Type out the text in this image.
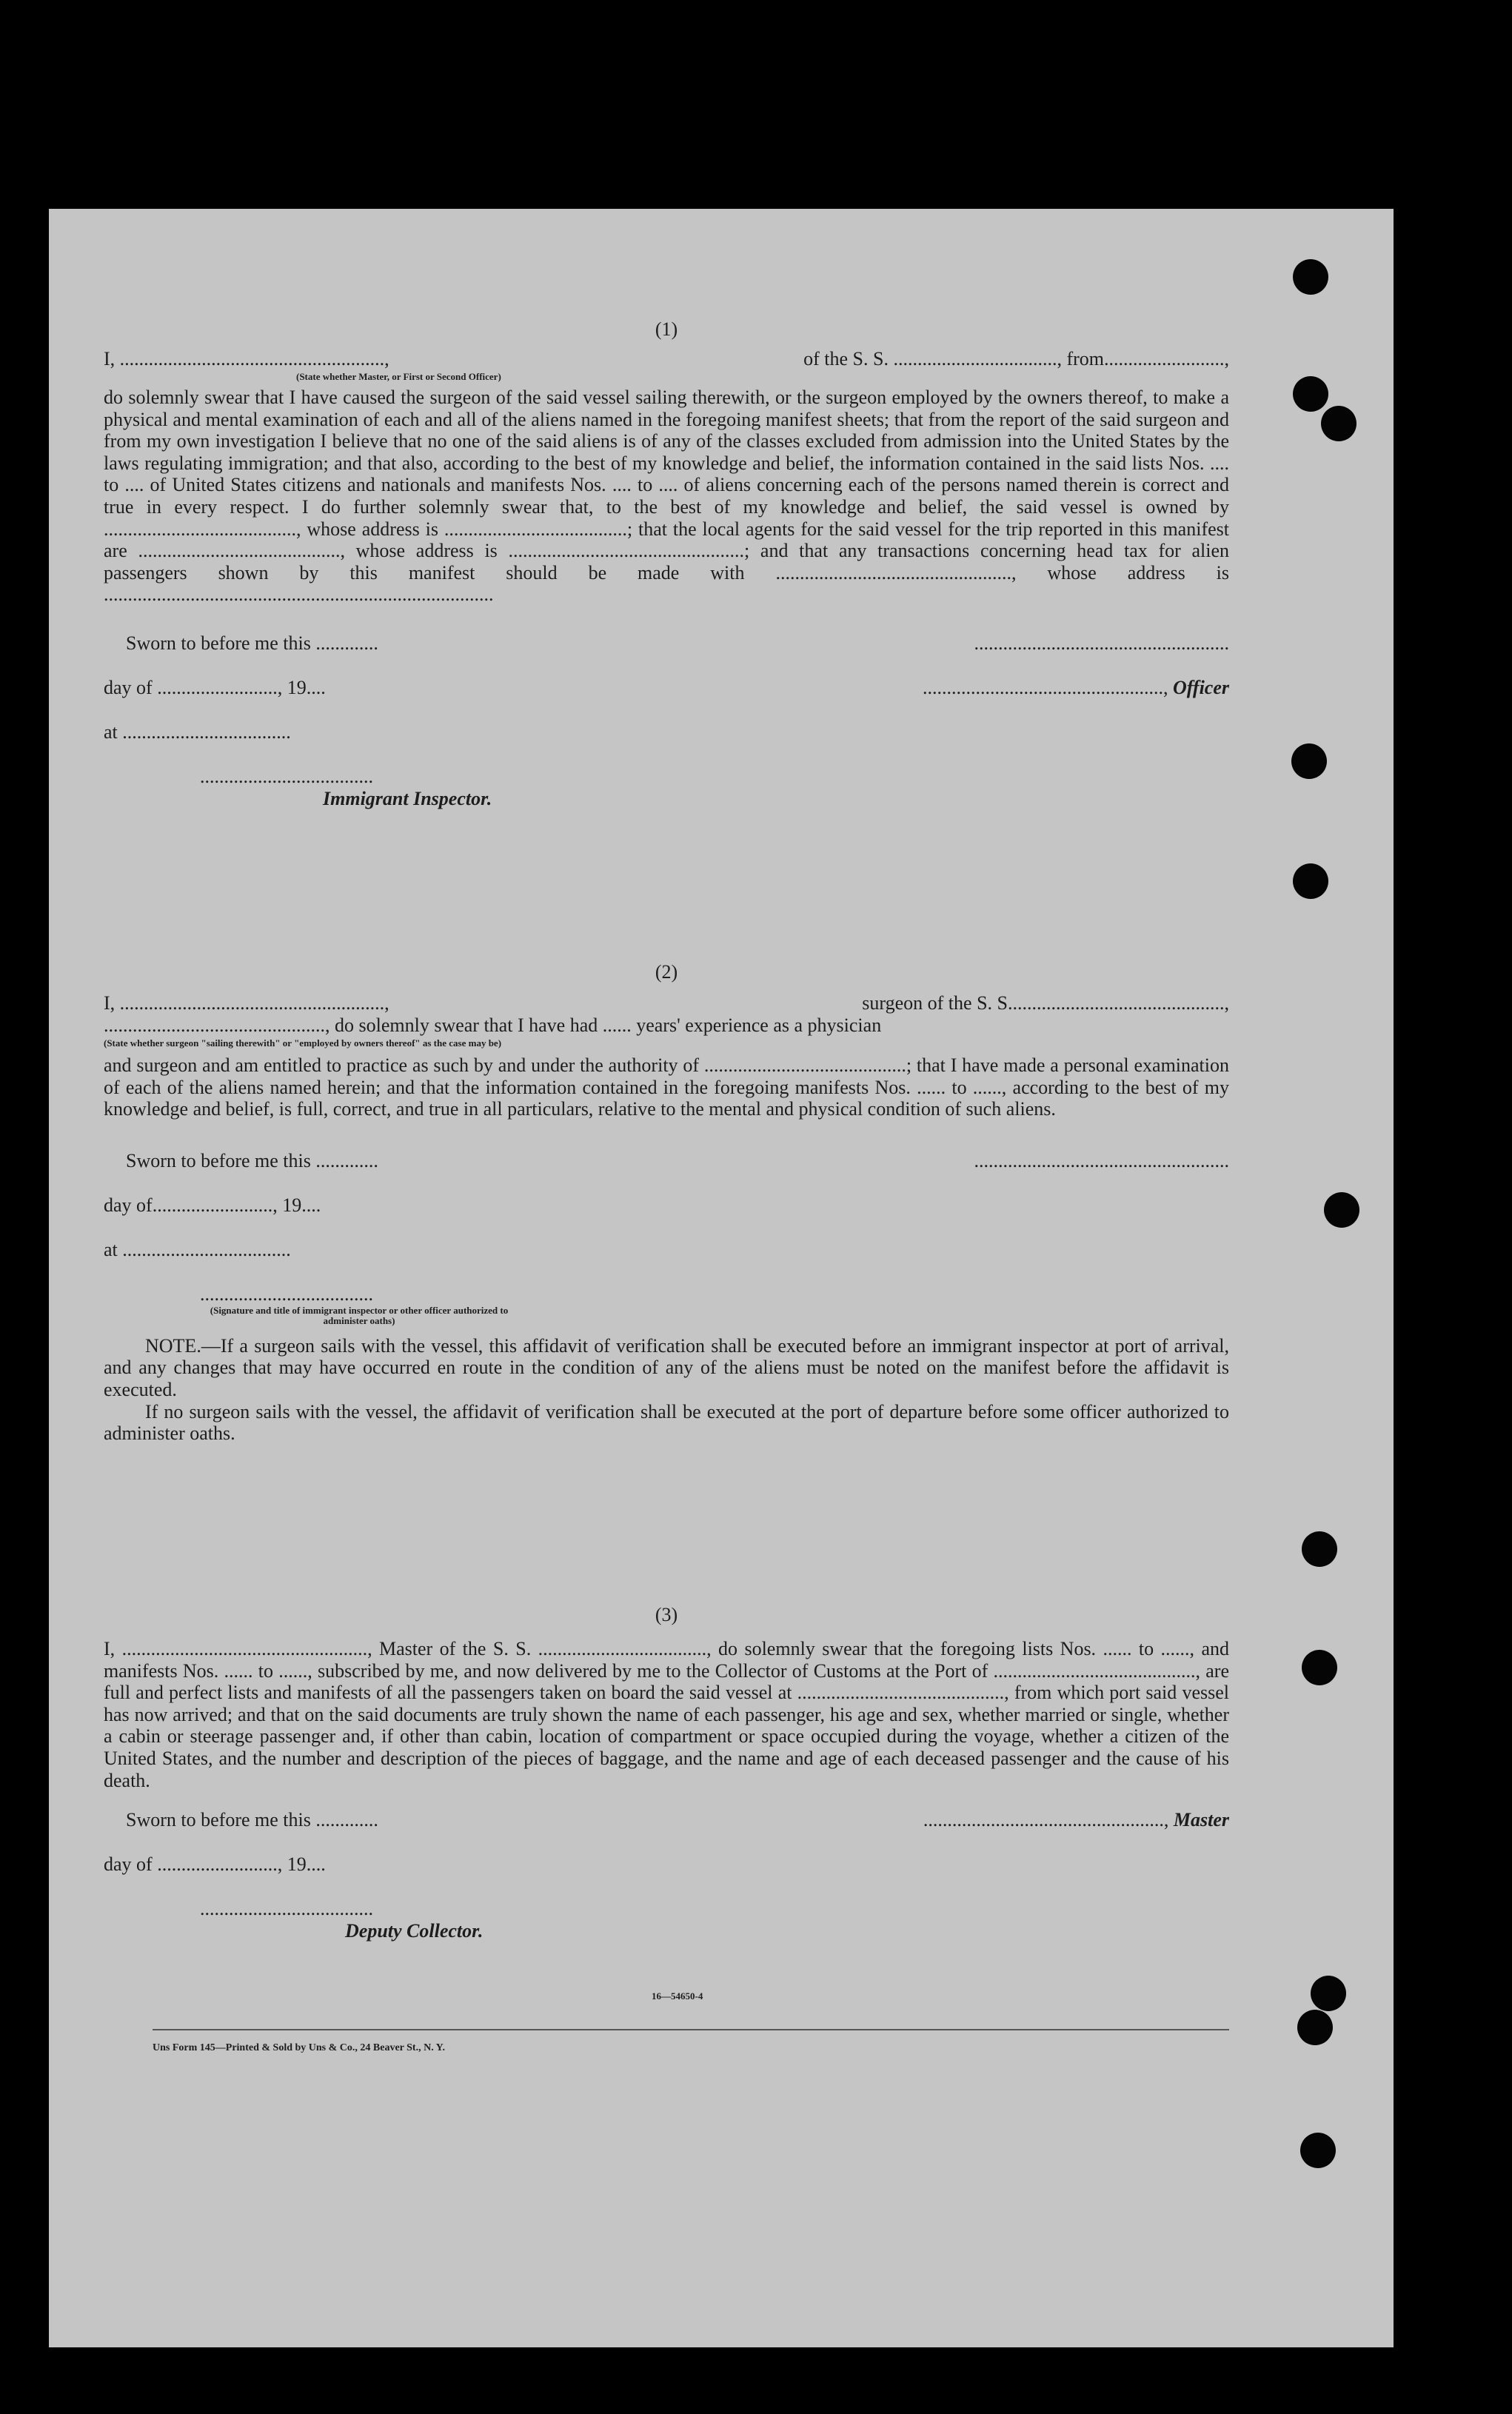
(1)
I, .......................................................,	of the S. S. .................................., from.........................,
(State whether Master, or First or Second Officer)
do solemnly swear that I have caused the surgeon of the said vessel sailing therewith, or the surgeon employed by the owners thereof, to make a physical and mental examination of each and all of the aliens named in the foregoing manifest sheets; that from the report of the said surgeon and from my own investigation I believe that no one of the said aliens is of any of the classes excluded from admission into the United States by the laws regulating immigration; and that also, according to the best of my knowledge and belief, the information contained in the said lists Nos. .... to .... of United States citizens and nationals and manifests Nos. .... to .... of aliens concerning each of the persons named therein is correct and true in every respect. I do further solemnly swear that, to the best of my knowledge and belief, the said vessel is owned by ........................................, whose address is ......................................; that the local agents for the said vessel for the trip reported in this manifest are .........................................., whose address is .................................................; and that any transactions concerning head tax for alien passengers shown by this manifest should be made with ................................................., whose address is
.................................................................................
Sworn to before me this .............	.....................................................
day of ........................., 19....	.................................................., Officer
at ...................................
....................................
Immigrant Inspector.
(2)
I, .......................................................,	surgeon of the S. S.............................................,
.............................................., do solemnly swear that I have had ...... years' experience as a physician
(State whether surgeon "sailing therewith" or "employed by owners thereof" as the case may be)
and surgeon and am entitled to practice as such by and under the authority of ..........................................; that I have made a personal examination of each of the aliens named herein; and that the information contained in the foregoing manifests Nos. ...... to ......, according to the best of my knowledge and belief, is full, correct, and true in all particulars, relative to the mental and physical condition of such aliens.
Sworn to before me this .............	.....................................................
day of........................., 19....
at ...................................
....................................
(Signature and title of immigrant inspector or other officer authorized to administer oaths)
NOTE.—If a surgeon sails with the vessel, this affidavit of verification shall be executed before an immigrant inspector at port of arrival, and any changes that may have occurred en route in the condition of any of the aliens must be noted on the manifest before the affidavit is executed.
If no surgeon sails with the vessel, the affidavit of verification shall be executed at the port of departure before some officer authorized to administer oaths.
(3)
I, ..................................................., Master of the S. S. ..................................., do solemnly swear that the foregoing lists Nos. ...... to ......, and manifests Nos. ...... to ......, subscribed by me, and now delivered by me to the Collector of Customs at the Port of .........................................., are full and perfect lists and manifests of all the passengers taken on board the said vessel at ..........................................., from which port said vessel has now arrived; and that on the said documents are truly shown the name of each passenger, his age and sex, whether married or single, whether a cabin or steerage passenger and, if other than cabin, location of compartment or space occupied during the voyage, whether a citizen of the United States, and the number and description of the pieces of baggage, and the name and age of each deceased passenger and the cause of his death.
Sworn to before me this .............	.................................................., Master
day of ........................., 19....
....................................
Deputy Collector.
16—54650-4
Uns Form 145—Printed & Sold by Uns & Co., 24 Beaver St., N. Y.
